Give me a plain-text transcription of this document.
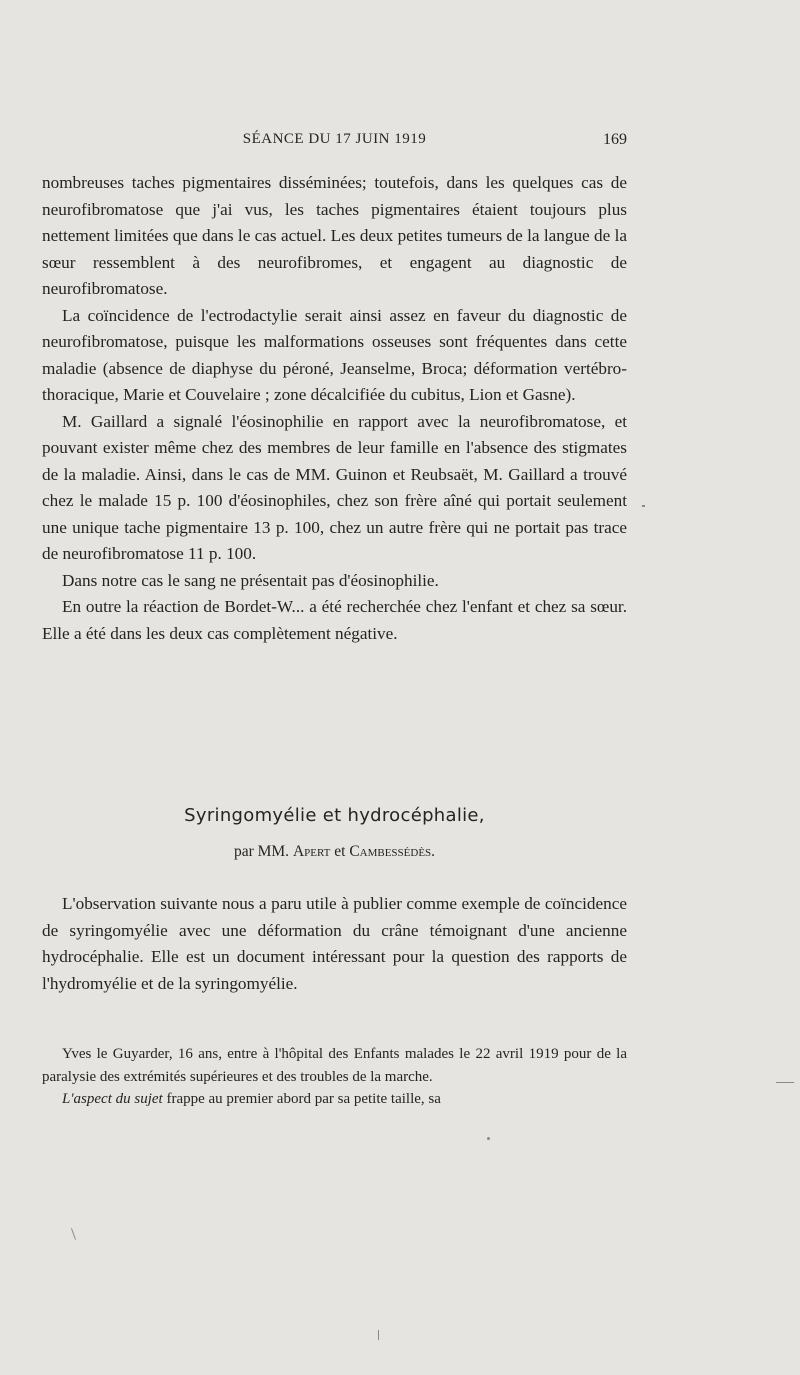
SÉANCE DU 17 JUIN 1919	169

nombreuses taches pigmentaires disséminées; toutefois, dans les quelques cas de neurofibromatose que j'ai vus, les taches pigmentaires étaient toujours plus nettement limitées que dans le cas actuel. Les deux petites tumeurs de la langue de la sœur ressemblent à des neurofibromes, et engagent au diagnostic de neurofibromatose.

La coïncidence de l'ectrodactylie serait ainsi assez en faveur du diagnostic de neurofibromatose, puisque les malformations osseuses sont fréquentes dans cette maladie (absence de diaphyse du péroné, Jeanselme, Broca; déformation vertébro-thoracique, Marie et Couvelaire ; zone décalcifiée du cubitus, Lion et Gasne).

M. Gaillard a signalé l'éosinophilie en rapport avec la neurofibromatose, et pouvant exister même chez des membres de leur famille en l'absence des stigmates de la maladie. Ainsi, dans le cas de MM. Guinon et Reubsaët, M. Gaillard a trouvé chez le malade 15 p. 100 d'éosinophiles, chez son frère aîné qui portait seulement une unique tache pigmentaire 13 p. 100, chez un autre frère qui ne portait pas trace de neurofibromatose 11 p. 100.

Dans notre cas le sang ne présentait pas d'éosinophilie.

En outre la réaction de Bordet-W... a été recherchée chez l'enfant et chez sa sœur. Elle a été dans les deux cas complètement négative.

Syringomyélie et hydrocéphalie,
par MM. Apert et Cambessédès.

L'observation suivante nous a paru utile à publier comme exemple de coïncidence de syringomyélie avec une déformation du crâne témoignant d'une ancienne hydrocéphalie. Elle est un document intéressant pour la question des rapports de l'hydromyélie et de la syringomyélie.

Yves le Guyarder, 16 ans, entre à l'hôpital des Enfants malades le 22 avril 1919 pour de la paralysie des extrémités supérieures et des troubles de la marche.

L'aspect du sujet frappe au premier abord par sa petite taille, sa
